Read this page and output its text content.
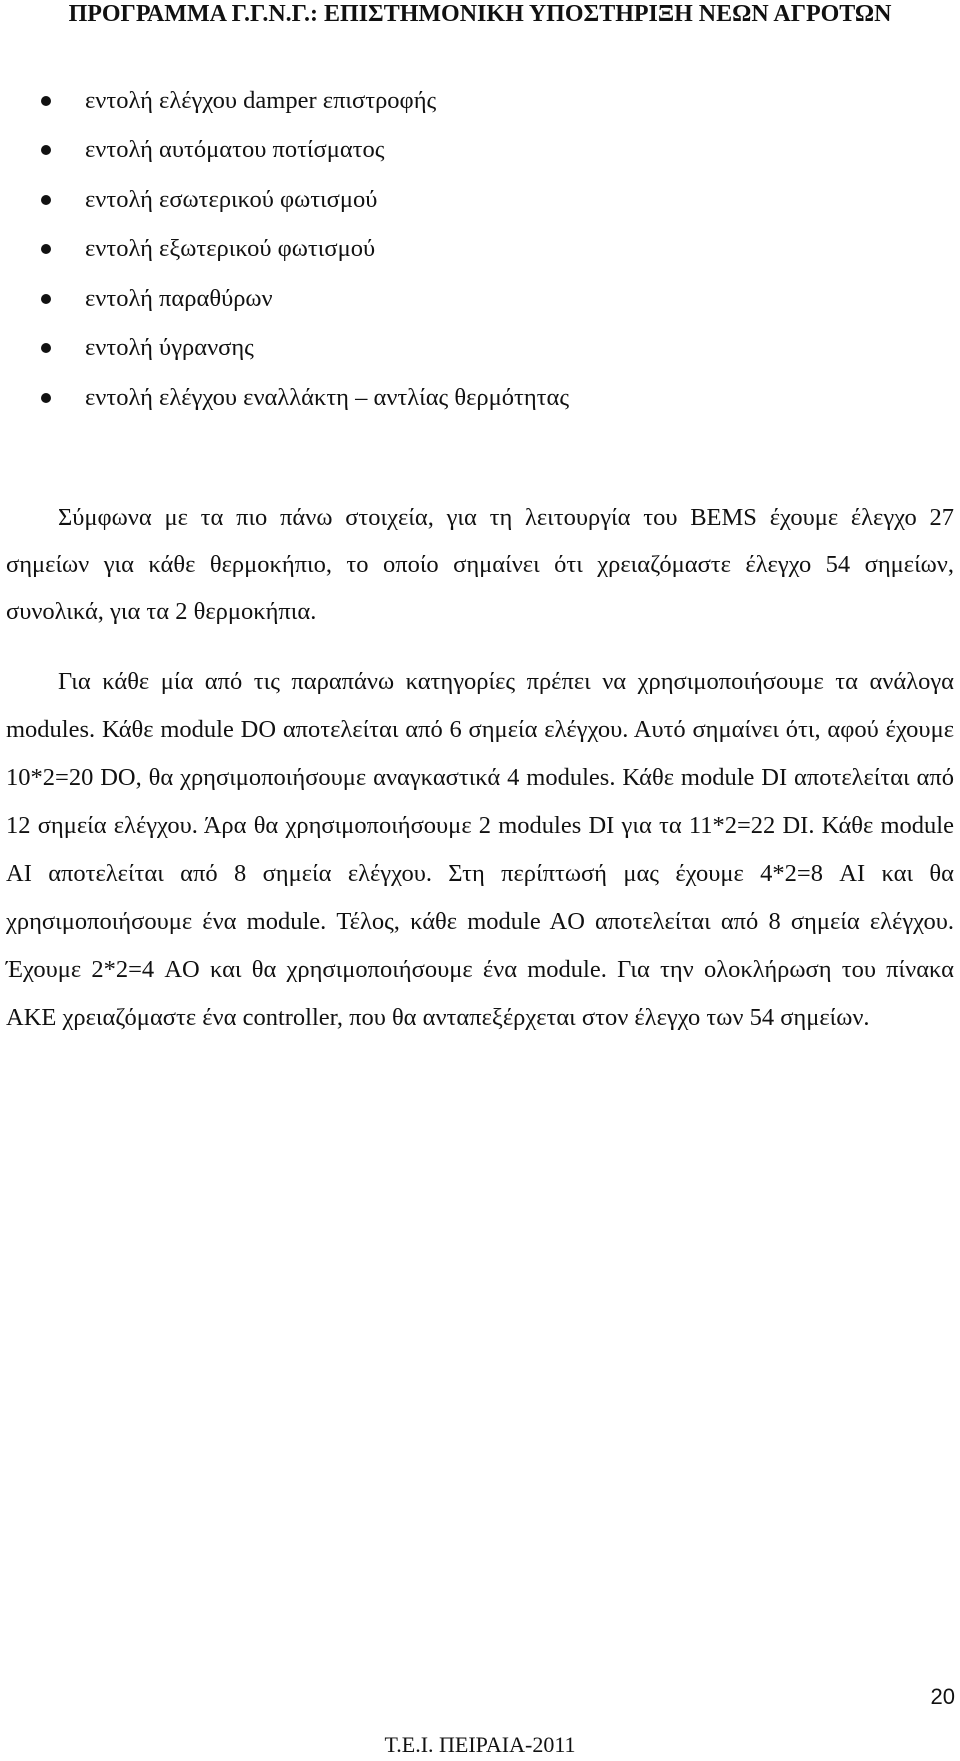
ΠΡΟΓΡΑΜΜΑ Γ.Γ.Ν.Γ.: ΕΠΙΣΤΗΜΟΝΙΚΗ ΥΠΟΣΤΗΡΙΞΗ ΝΕΩΝ ΑΓΡΟΤΩΝ
εντολή ελέγχου damper επιστροφής
εντολή αυτόματου ποτίσματος
εντολή εσωτερικού φωτισμού
εντολή εξωτερικού φωτισμού
εντολή παραθύρων
εντολή ύγρανσης
εντολή ελέγχου εναλλάκτη – αντλίας θερμότητας

Σύμφωνα με τα πιο πάνω στοιχεία, για τη λειτουργία του BEMS έχουμε έλεγχο 27 σημείων για κάθε θερμοκήπιο, το οποίο σημαίνει ότι χρειαζόμαστε έλεγχο 54 σημείων, συνολικά, για τα 2 θερμοκήπια.

Για κάθε μία από τις παραπάνω κατηγορίες πρέπει να χρησιμοποιήσουμε τα ανάλογα modules. Κάθε module DO αποτελείται από 6 σημεία ελέγχου. Αυτό σημαίνει ότι, αφού έχουμε 10*2=20 DO, θα χρησιμοποιήσουμε αναγκαστικά 4 modules. Κάθε module DI αποτελείται από 12 σημεία ελέγχου. Άρα θα χρησιμοποιήσουμε 2 modules DI για τα 11*2=22 DI. Κάθε module AI αποτελείται από 8 σημεία ελέγχου. Στη περίπτωσή μας έχουμε 4*2=8 AI και θα χρησιμοποιήσουμε ένα module. Τέλος, κάθε module AO αποτελείται από 8 σημεία ελέγχου. Έχουμε 2*2=4 AO και θα χρησιμοποιήσουμε ένα module. Για την ολοκλήρωση του πίνακα ΑΚΕ χρειαζόμαστε ένα controller, που θα ανταπεξέρχεται στον έλεγχο των 54 σημείων.

20
Τ.Ε.Ι. ΠΕΙΡΑΙΑ-2011
